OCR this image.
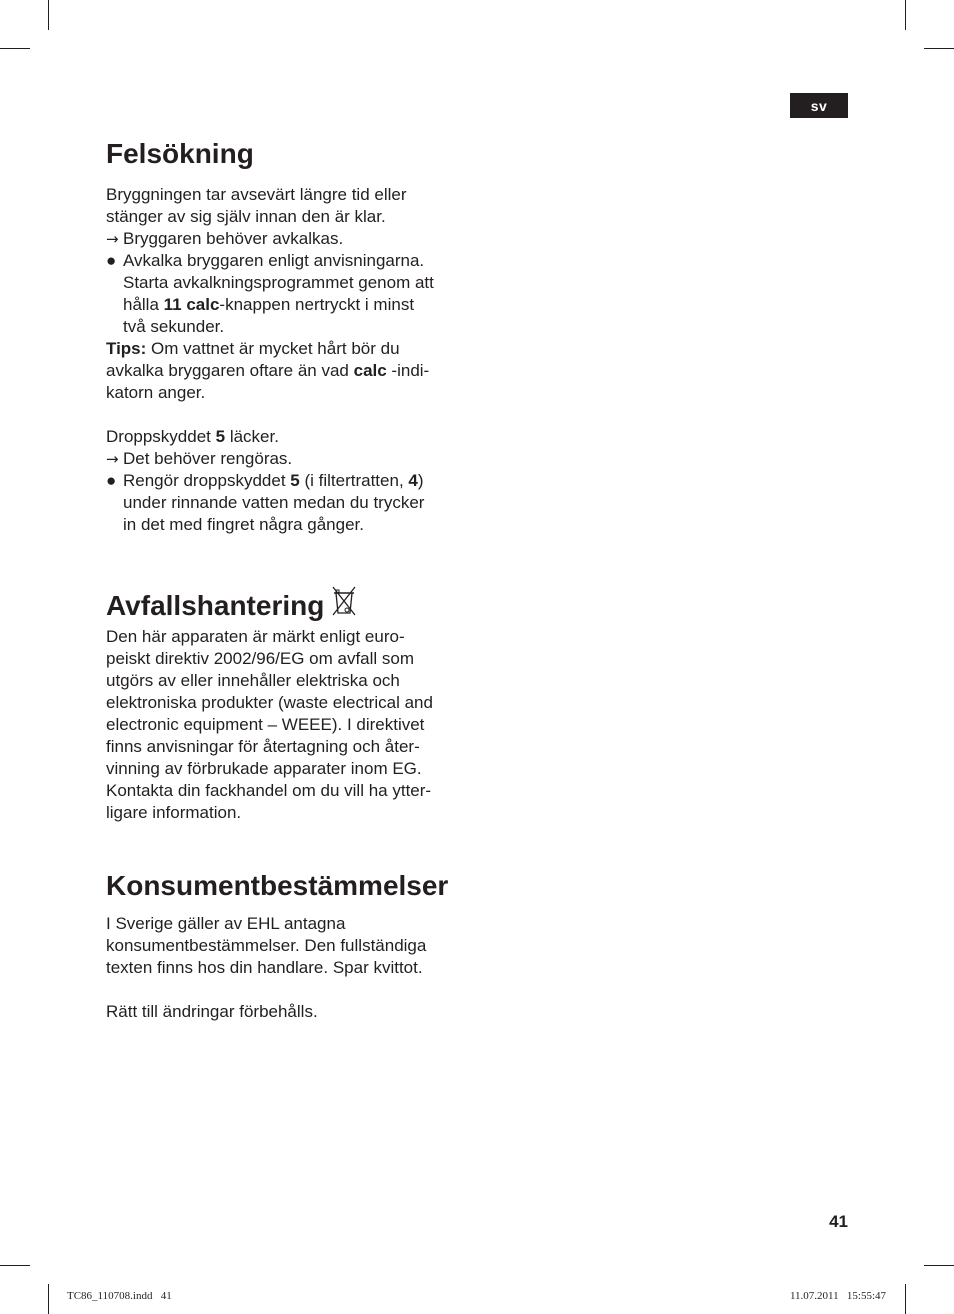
sv
Felsökning
Bryggningen tar avsevärt längre tid eller
stänger av sig själv innan den är klar.
→ Bryggaren behöver avkalkas.
● Avkalka bryggaren enligt anvisningarna.
Starta avkalkningsprogrammet genom att
hålla 11 calc-knappen nertryckt i minst
två sekunder.
Tips: Om vattnet är mycket hårt bör du
avkalka bryggaren oftare än vad calc -indi-
katorn anger.
Droppskyddet 5 läcker.
→ Det behöver rengöras.
● Rengör droppskyddet 5 (i filtertratten, 4)
under rinnande vatten medan du trycker
in det med fingret några gånger.
Avfallshantering
Den här apparaten är märkt enligt euro-
peiskt direktiv 2002/96/EG om avfall som
utgörs av eller innehåller elektriska och
elektroniska produkter (waste electrical and
electronic equipment – WEEE). I direktivet
finns anvisningar för återtagning och åter-
vinning av förbrukade apparater inom EG.
Kontakta din fackhandel om du vill ha ytter-
ligare information.
Konsumentbestämmelser
I Sverige gäller av EHL antagna
konsumentbestämmelser. Den fullständiga
texten finns hos din handlare. Spar kvittot.
Rätt till ändringar förbehålls.
41
TC86_110708.indd   41	11.07.2011   15:55:47
